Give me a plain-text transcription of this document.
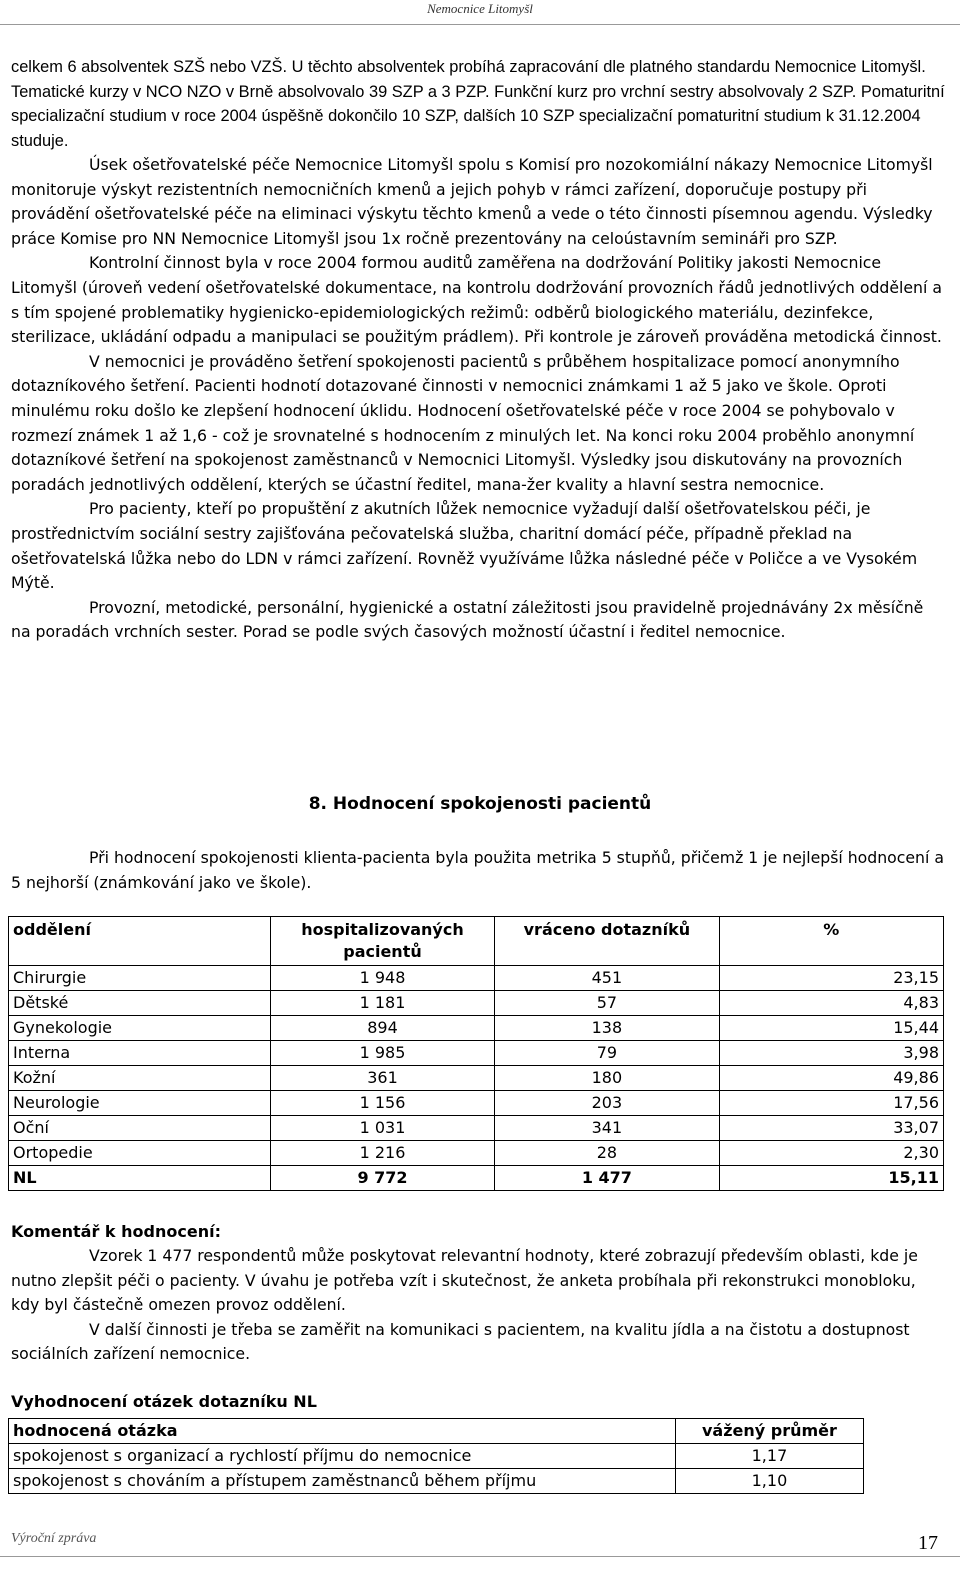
Nemocnice Litomyšl
celkem 6 absolventek SZŠ nebo VZŠ. U těchto absolventek probíhá zapracování dle platného standardu Nemocnice Litomyšl. Tematické kurzy v NCO NZO v Brně absolvovalo 39 SZP a 3 PZP. Funkční kurz pro vrchní sestry absolvovaly 2 SZP. Pomaturitní specializační studium v roce 2004 úspěšně dokončilo 10 SZP, dalších 10 SZP specializační pomaturitní studium k 31.12.2004 studuje.
Úsek ošetřovatelské péče Nemocnice Litomyšl spolu s Komisí pro nozokomiální nákazy Nemocnice Litomyšl monitoruje výskyt rezistentních nemocničních kmenů a jejich pohyb v rámci zařízení, doporučuje postupy při provádění ošetřovatelské péče na eliminaci výskytu těchto kmenů a vede o této činnosti písemnou agendu. Výsledky práce Komise pro NN Nemocnice Litomyšl jsou 1x ročně prezentovány na celoústavním semináři pro SZP.
Kontrolní činnost byla v roce 2004 formou auditů zaměřena na dodržování Politiky jakosti Nemocnice Litomyšl (úroveň vedení ošetřovatelské dokumentace, na kontrolu dodržování provozních řádů jednotlivých oddělení a s tím spojené problematiky hygienicko-epidemiologických režimů: odběrů biologického materiálu, dezinfekce, sterilizace, ukládání odpadu a manipulaci se použitým prádlem). Při kontrole je zároveň prováděna metodická činnost.
V nemocnici je prováděno šetření spokojenosti pacientů s průběhem hospitalizace pomocí anonymního dotazníkového šetření. Pacienti hodnotí dotazované činnosti v nemocnici známkami 1 až 5 jako ve škole. Oproti minulému roku došlo ke zlepšení hodnocení úklidu. Hodnocení ošetřovatelské péče v roce 2004 se pohybovalo v rozmezí známek 1 až 1,6 - což je srovnatelné s hodnocením z minulých let. Na konci roku 2004 proběhlo anonymní dotazníkové šetření na spokojenost zaměstnanců v Nemocnici Litomyšl. Výsledky jsou diskutovány na provozních poradách jednotlivých oddělení, kterých se účastní ředitel, mana-žer kvality a hlavní sestra nemocnice.
Pro pacienty, kteří po propuštění z akutních lůžek nemocnice vyžadují další ošetřovatelskou péči, je prostřednictvím sociální sestry zajišťována pečovatelská služba, charitní domácí péče, případně překlad na ošetřovatelská lůžka nebo do LDN v rámci zařízení. Rovněž využíváme lůžka následné péče v Poličce a ve Vysokém Mýtě.
Provozní, metodické, personální, hygienické a ostatní záležitosti jsou pravidelně projednávány 2x měsíčně na poradách vrchních sester. Porad se podle svých časových možností účastní i ředitel nemocnice.
8. Hodnocení spokojenosti pacientů
Při hodnocení spokojenosti klienta-pacienta byla použita metrika 5 stupňů, přičemž 1 je nejlepší hodnocení a 5 nejhorší (známkování jako ve škole).
oddělení	hospitalizovaných pacientů	vráceno dotazníků	%
Chirurgie	1 948	451	23,15
Dětské	1 181	57	4,83
Gynekologie	894	138	15,44
Interna	1 985	79	3,98
Kožní	361	180	49,86
Neurologie	1 156	203	17,56
Oční	1 031	341	33,07
Ortopedie	1 216	28	2,30
NL	9 772	1 477	15,11
Komentář k hodnocení:
Vzorek 1 477 respondentů může poskytovat relevantní hodnoty, které zobrazují především oblasti, kde je nutno zlepšit péči o pacienty. V úvahu je potřeba vzít i skutečnost, že anketa probíhala při rekonstrukci monobloku, kdy byl částečně omezen provoz oddělení.
V další činnosti je třeba se zaměřit na komunikaci s pacientem, na kvalitu jídla a na čistotu a dostupnost sociálních zařízení nemocnice.
Vyhodnocení otázek dotazníku NL
hodnocená otázka	vážený průměr
spokojenost s organizací a rychlostí příjmu do nemocnice	1,17
spokojenost s chováním a přístupem zaměstnanců během příjmu	1,10
Výroční zpráva	17
